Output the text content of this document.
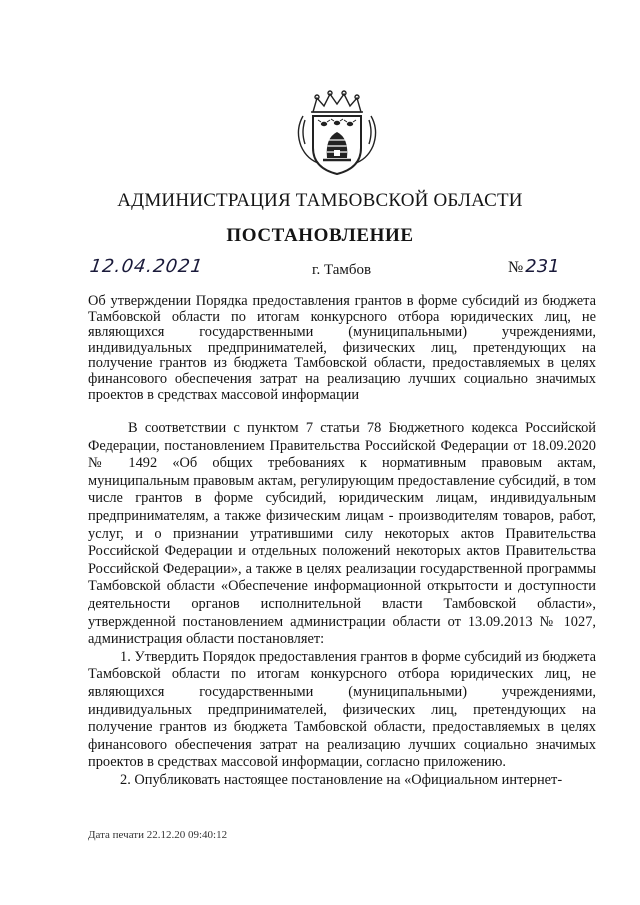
АДМИНИСТРАЦИЯ ТАМБОВСКОЙ ОБЛАСТИ
ПОСТАНОВЛЕНИЕ
12.04.2021	г. Тамбов	№ 231
Об утверждении Порядка предоставления грантов в форме субсидий из бюджета Тамбовской области по итогам конкурсного отбора юридических лиц, не являющихся государственными (муниципальными) учреждениями, индивидуальных предпринимателей, физических лиц, претендующих на получение грантов из бюджета Тамбовской области, предоставляемых в целях финансового обеспечения затрат на реализацию лучших социально значимых проектов в средствах массовой информации

В соответствии с пунктом 7 статьи 78 Бюджетного кодекса Российской Федерации, постановлением Правительства Российской Федерации от 18.09.2020 № 1492 «Об общих требованиях к нормативным правовым актам, муниципальным правовым актам, регулирующим предоставление субсидий, в том числе грантов в форме субсидий, юридическим лицам, индивидуальным предпринимателям, а также физическим лицам - производителям товаров, работ, услуг, и о признании утратившими силу некоторых актов Правительства Российской Федерации и отдельных положений некоторых актов Правительства Российской Федерации», а также в целях реализации государственной программы Тамбовской области «Обеспечение информационной открытости и доступности деятельности органов исполнительной власти Тамбовской области», утвержденной постановлением администрации области от 13.09.2013 № 1027, администрация области постановляет:

1. Утвердить Порядок предоставления грантов в форме субсидий из бюджета Тамбовской области по итогам конкурсного отбора юридических лиц, не являющихся государственными (муниципальными) учреждениями, индивидуальных предпринимателей, физических лиц, претендующих на получение грантов из бюджета Тамбовской области, предоставляемых в целях финансового обеспечения затрат на реализацию лучших социально значимых проектов в средствах массовой информации, согласно приложению.

2. Опубликовать настоящее постановление на «Официальном интернет-

Дата печати 22.12.20 09:40:12
